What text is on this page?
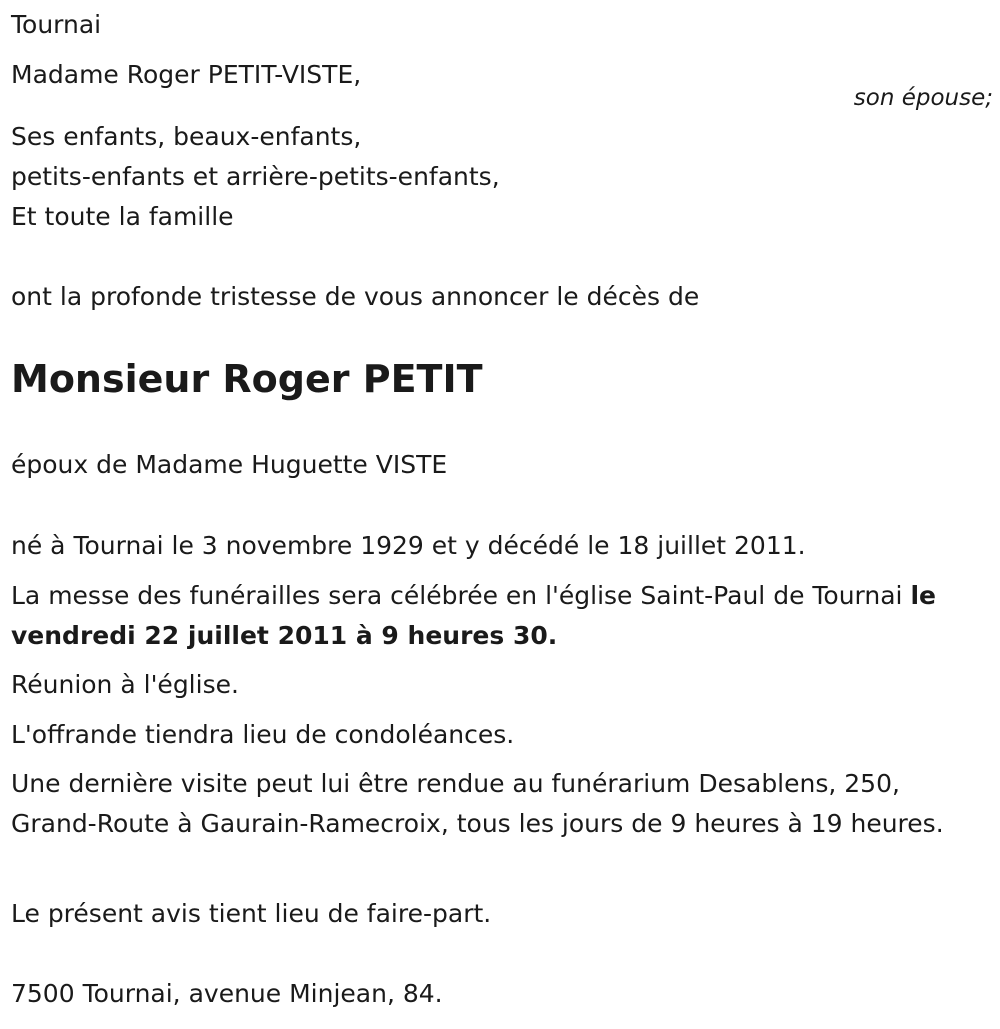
Tournai

Madame Roger PETIT-VISTE,

son épouse;

Ses enfants, beaux-enfants,

petits-enfants et arrière-petits-enfants,

Et toute la famille

ont la profonde tristesse de vous annoncer le décès de

Monsieur Roger PETIT

époux de Madame Huguette VISTE

né à Tournai le 3 novembre 1929 et y décédé le 18 juillet 2011.

La messe des funérailles sera célébrée en l'église Saint-Paul de Tournai le vendredi 22 juillet 2011 à 9 heures 30.

Réunion à l'église.

L'offrande tiendra lieu de condoléances.

Une dernière visite peut lui être rendue au funérarium Desablens, 250, Grand-Route à Gaurain-Ramecroix, tous les jours de 9 heures à 19 heures.

Le présent avis tient lieu de faire-part.

7500 Tournai, avenue Minjean, 84.
